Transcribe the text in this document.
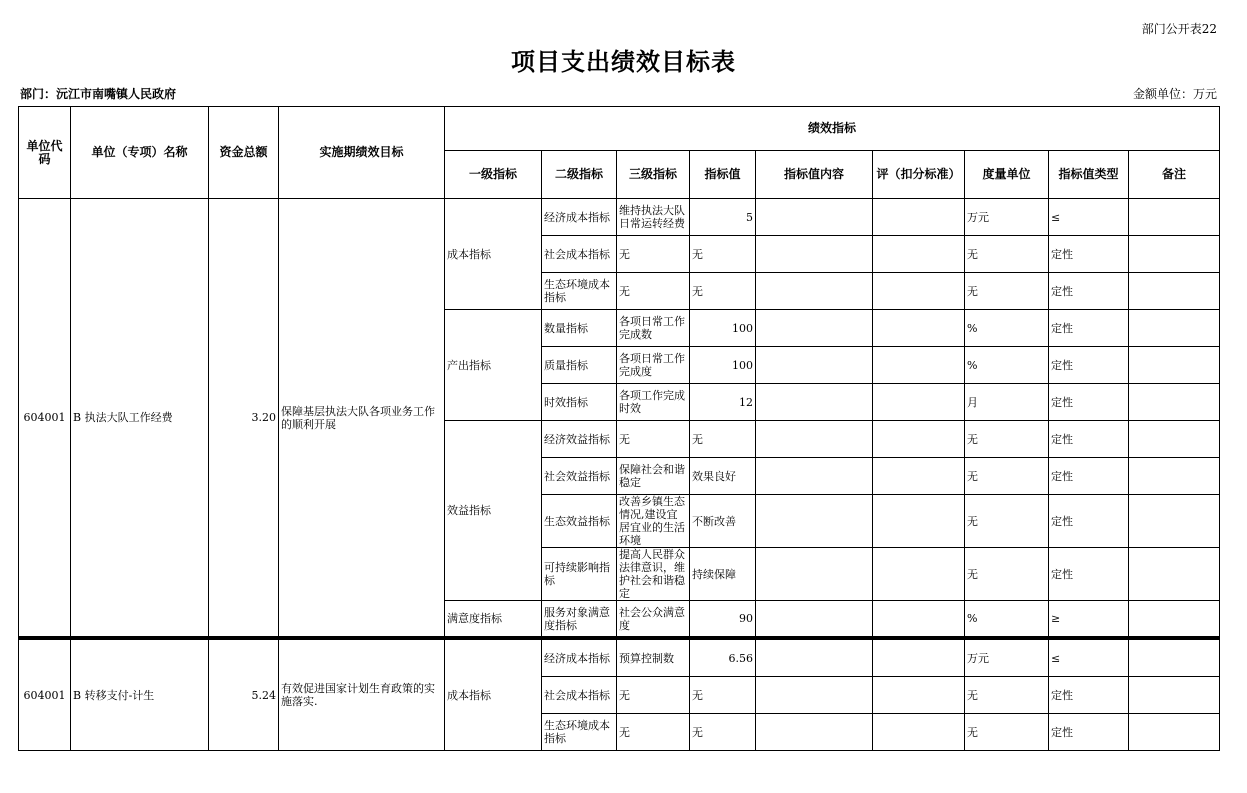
部门公开表22
项目支出绩效目标表
部门：沅江市南嘴镇人民政府	金额单位：万元
单位代码	单位（专项）名称	资金总额	实施期绩效目标	绩效指标								
				一级指标	二级指标	三级指标	指标值	指标值内容	评（扣分标准）	度量单位	指标值类型	备注
604001	B 执法大队工作经费	3.20	保障基层执法大队各项业务工作的顺利开展	成本指标	经济成本指标	维持执法大队日常运转经费	5			万元	≤	
					社会成本指标	无	无			无	定性	
					生态环境成本指标	无	无			无	定性	
				产出指标	数量指标	各项日常工作完成数	100			%	定性	
					质量指标	各项日常工作完成度	100			%	定性	
					时效指标	各项工作完成时效	12			月	定性	
				效益指标	经济效益指标	无	无			无	定性	
					社会效益指标	保障社会和谐稳定	效果良好			无	定性	
					生态效益指标	改善乡镇生态情况,建设宜居宜业的生活环境	不断改善			无	定性	
					可持续影响指标	提高人民群众法律意识，维护社会和谐稳定	持续保障			无	定性	
				满意度指标	服务对象满意度指标	社会公众满意度	90			%	≥	

604001	B 转移支付-计生	5.24	有效促进国家计划生育政策的实施落实.	成本指标	经济成本指标	预算控制数	6.56			万元	≤	
					社会成本指标	无	无			无	定性	
					生态环境成本指标	无	无			无	定性	
